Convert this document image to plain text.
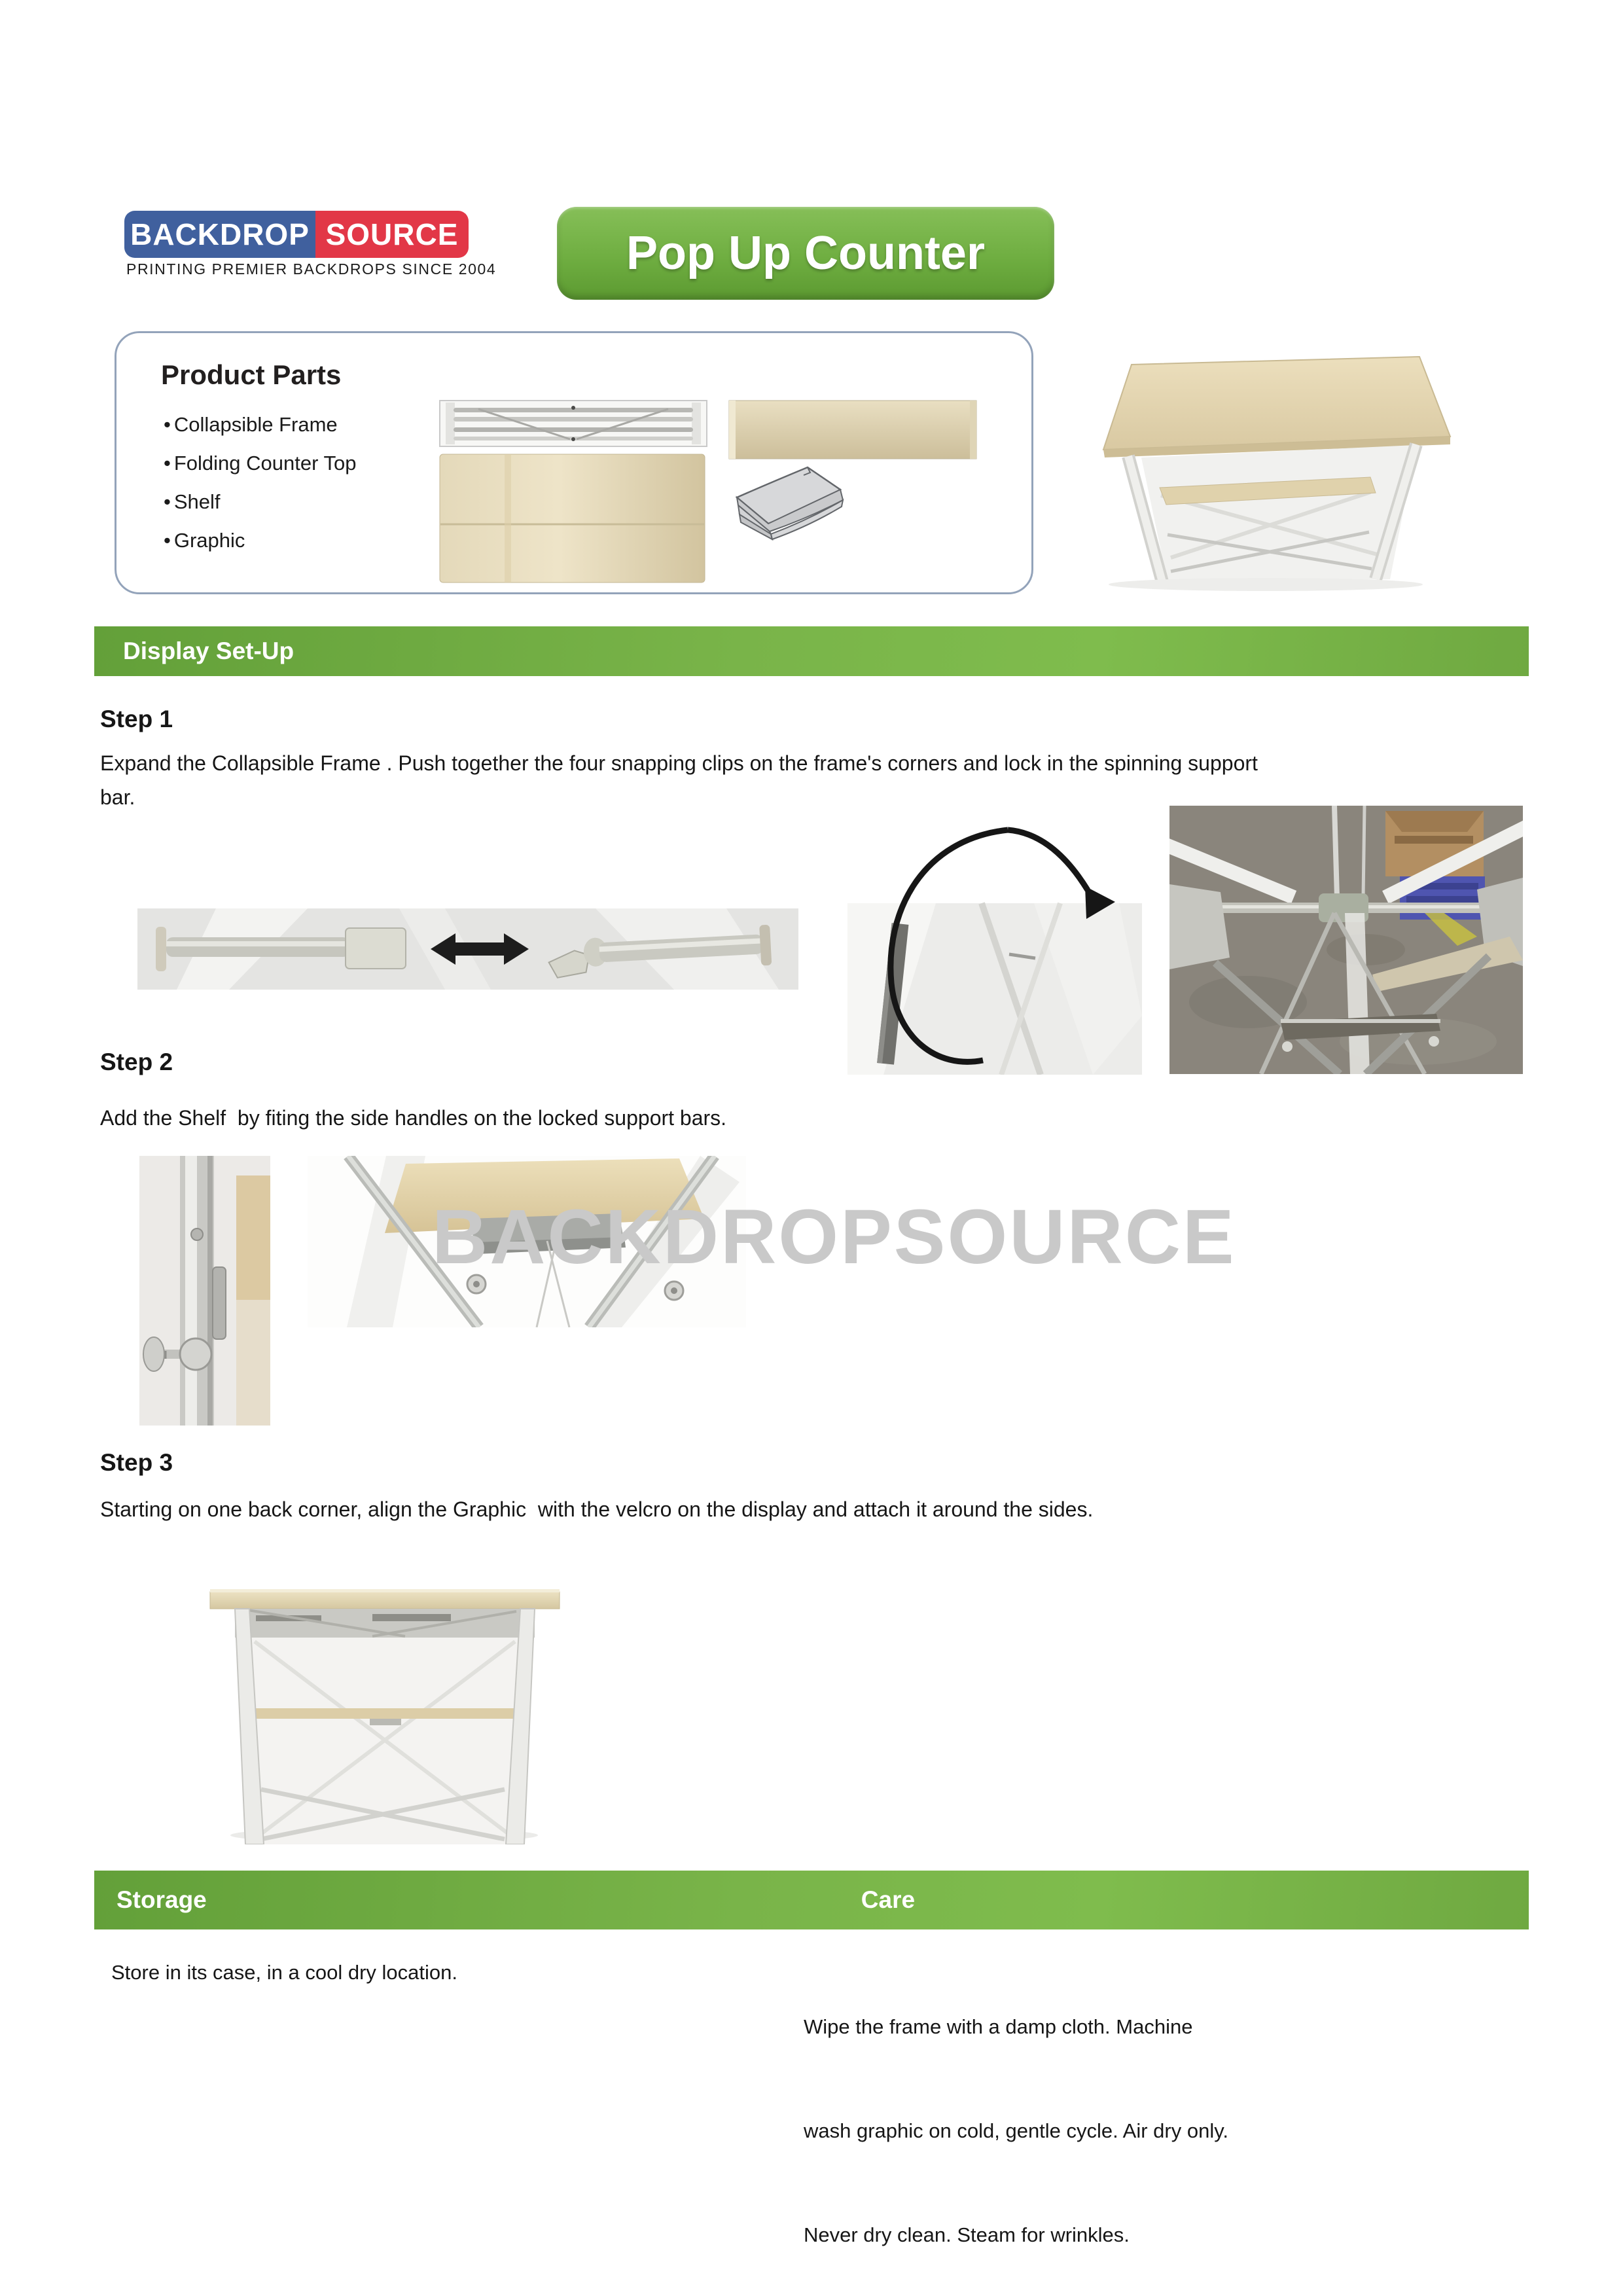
BACKDROP SOURCE
PRINTING PREMIER BACKDROPS SINCE 2004	Pop Up Counter
Product Parts
• Collapsible Frame
• Folding Counter Top
• Shelf
• Graphic
Display Set-Up
Step 1
Expand the Collapsible Frame . Push together the four snapping clips on the frame's corners and lock in the spinning support bar.
Step 2
Add the Shelf  by fiting the side handles on the locked support bars.
BACKDROPSOURCE
Step 3
Starting on one back corner, align the Graphic  with the velcro on the display and attach it around the sides.
Storage	Care
Store in its case, in a cool dry location.

Wipe the frame with a damp cloth. Machine

wash graphic on cold, gentle cycle. Air dry only.

Never dry clean. Steam for wrinkles.
